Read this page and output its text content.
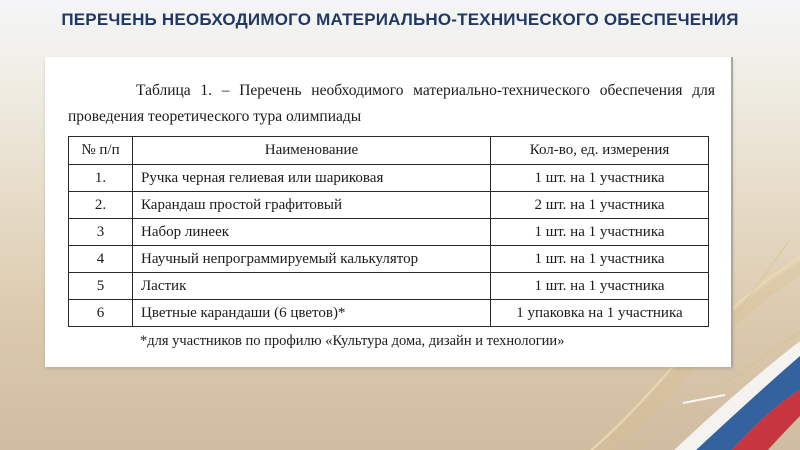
ПЕРЕЧЕНЬ НЕОБХОДИМОГО МАТЕРИАЛЬНО-ТЕХНИЧЕСКОГО ОБЕСПЕЧЕНИЯ

Таблица 1. – Перечень необходимого материально-технического обеспечения для проведения теоретического тура олимпиады

№ п/п	Наименование	Кол-во, ед. измерения
1.	Ручка черная гелиевая или шариковая	1 шт. на 1 участника
2.	Карандаш простой графитовый	2 шт. на 1 участника
3	Набор линеек	1 шт. на 1 участника
4	Научный непрограммируемый калькулятор	1 шт. на 1 участника
5	Ластик	1 шт. на 1 участника
6	Цветные карандаши (6 цветов)*	1 упаковка на 1 участника

*для участников по профилю «Культура дома, дизайн и технологии»
